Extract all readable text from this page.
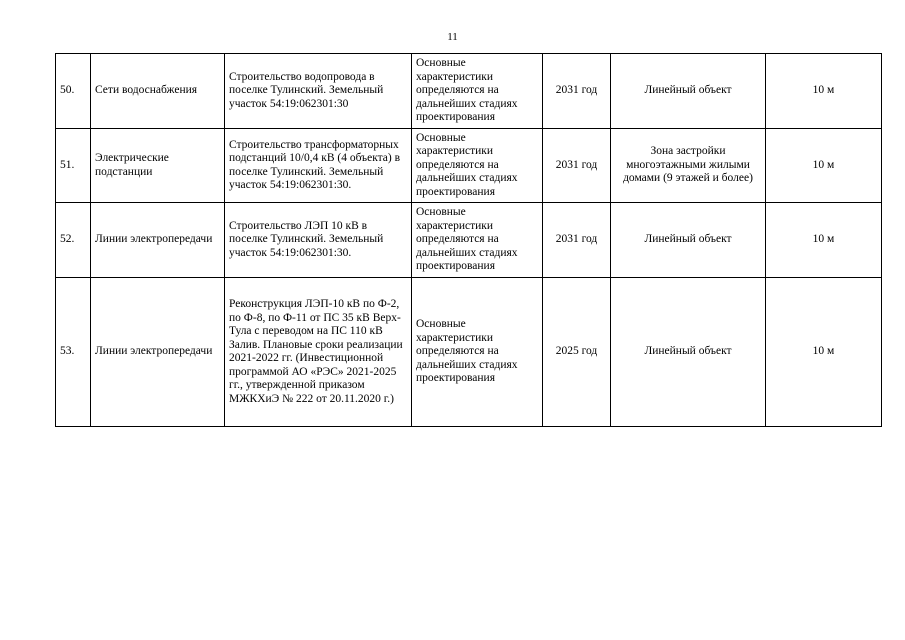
11
50.	Сети водоснабжения	Строительство водопровода в поселке Тулинский. Земельный участок 54:19:062301:30	Основные характеристики определяются на дальнейших стадиях проектирования	2031 год	Линейный объект	10 м
51.	Электрические подстанции	Строительство трансформаторных подстанций 10/0,4 кВ (4 объекта) в поселке Тулинский. Земельный участок 54:19:062301:30.	Основные характеристики определяются на дальнейших стадиях проектирования	2031 год	Зона застройки многоэтажными жилыми домами (9 этажей и более)	10 м
52.	Линии электропередачи	Строительство ЛЭП 10 кВ в поселке Тулинский. Земельный участок 54:19:062301:30.	Основные характеристики определяются на дальнейших стадиях проектирования	2031 год	Линейный объект	10 м
53.	Линии электропередачи	Реконструкция ЛЭП-10 кВ по Ф-2, по Ф-8, по Ф-11 от ПС 35 кВ Верх-Тула с переводом на ПС 110 кВ Залив. Плановые сроки реализации 2021-2022 гг. (Инвестиционной программой АО «РЭС» 2021-2025 гг., утвержденной приказом МЖКХиЭ № 222 от 20.11.2020 г.)	Основные характеристики определяются на дальнейших стадиях проектирования	2025 год	Линейный объект	10 м
